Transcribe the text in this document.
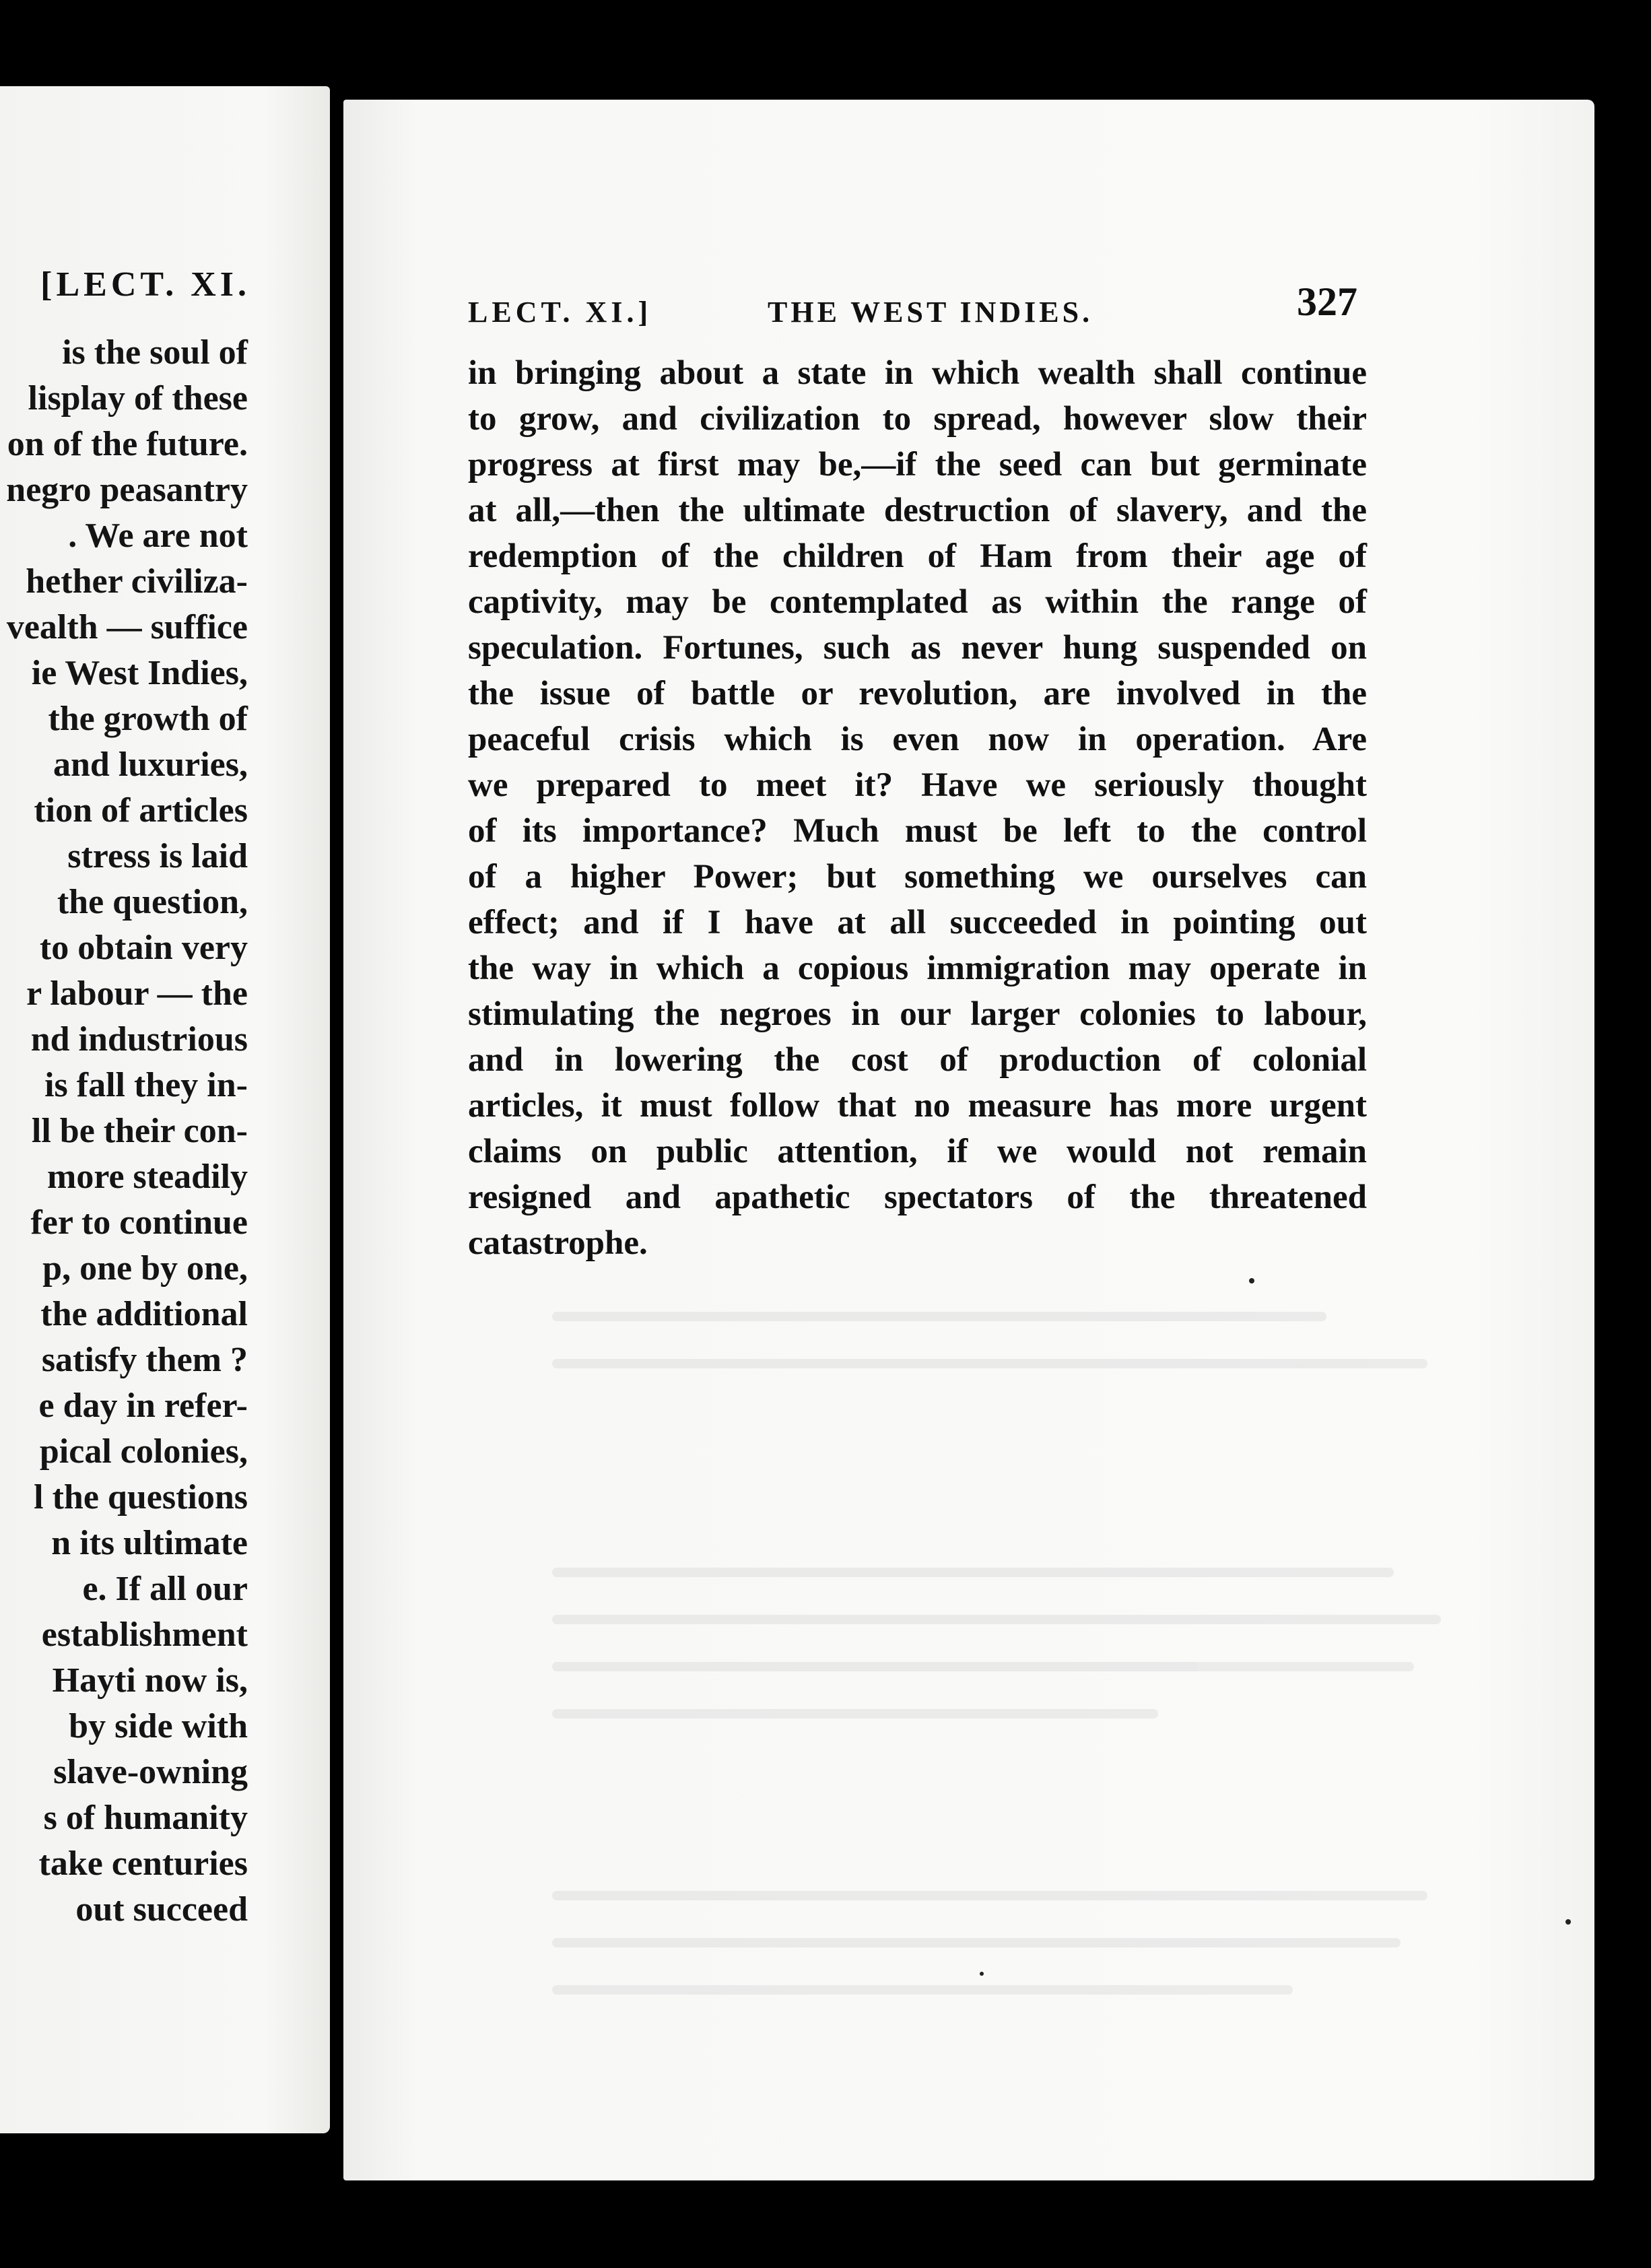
[LECT. XI.
is the soul of
lisplay of these
on of the future.
negro peasantry
. We are not
hether civiliza-
vealth — suffice
ie West Indies,
the growth of
and luxuries,
tion of articles
stress is laid
the question,
to obtain very
r labour — the
nd industrious
is fall they in-
ll be their con-
more steadily
fer to continue
p, one by one,
the additional
satisfy them ?
e day in refer-
pical colonies,
l the questions
n its ultimate
e. If all our
establishment
Hayti now is,
by side with
slave-owning
s of humanity
take centuries
out succeed
LECT. XI.]	THE WEST INDIES.	327
in bringing about a state in which wealth shall continue
to grow, and civilization to spread, however slow their
progress at first may be,—if the seed can but germinate
at all,—then the ultimate destruction of slavery, and the
redemption of the children of Ham from their age of
captivity, may be contemplated as within the range of
speculation. Fortunes, such as never hung suspended on
the issue of battle or revolution, are involved in the
peaceful crisis which is even now in operation. Are
we prepared to meet it? Have we seriously thought
of its importance? Much must be left to the control
of a higher Power; but something we ourselves can
effect; and if I have at all succeeded in pointing out
the way in which a copious immigration may operate in
stimulating the negroes in our larger colonies to labour,
and in lowering the cost of production of colonial
articles, it must follow that no measure has more urgent
claims on public attention, if we would not remain
resigned and apathetic spectators of the threatened
catastrophe.
